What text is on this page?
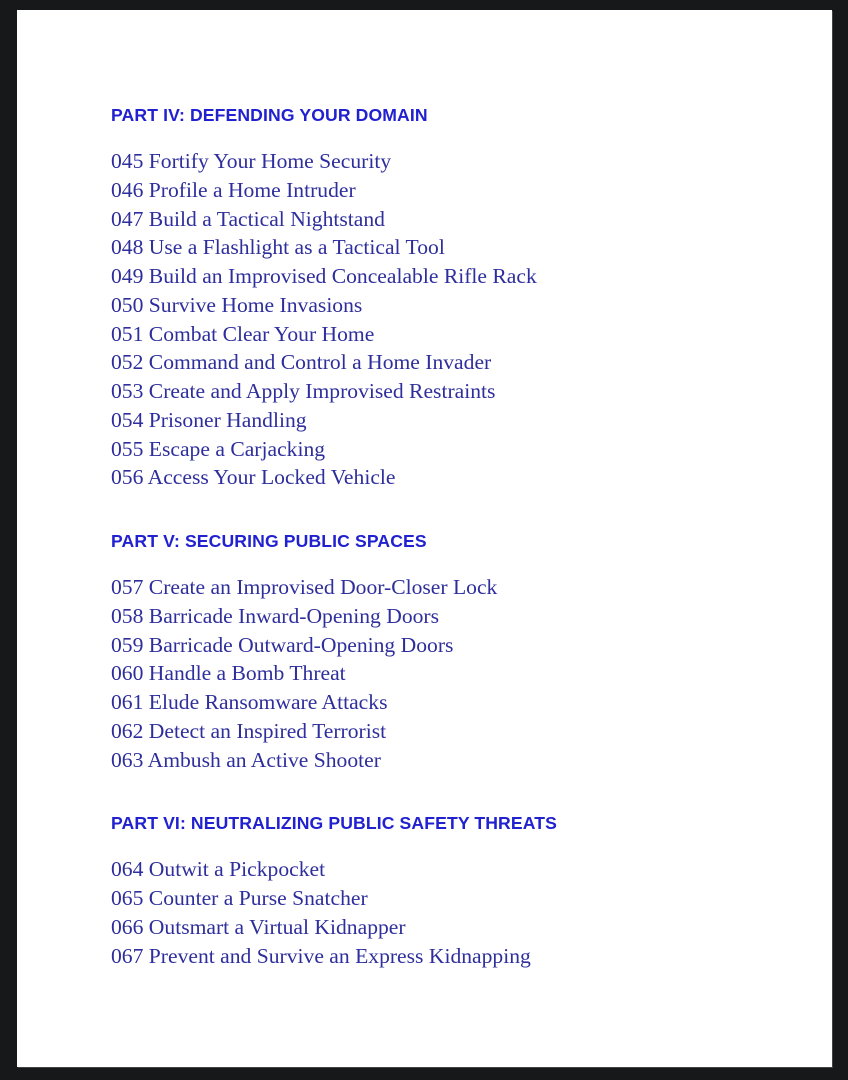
PART IV: DEFENDING YOUR DOMAIN
045 Fortify Your Home Security
046 Profile a Home Intruder
047 Build a Tactical Nightstand
048 Use a Flashlight as a Tactical Tool
049 Build an Improvised Concealable Rifle Rack
050 Survive Home Invasions
051 Combat Clear Your Home
052 Command and Control a Home Invader
053 Create and Apply Improvised Restraints
054 Prisoner Handling
055 Escape a Carjacking
056 Access Your Locked Vehicle
PART V: SECURING PUBLIC SPACES
057 Create an Improvised Door-Closer Lock
058 Barricade Inward-Opening Doors
059 Barricade Outward-Opening Doors
060 Handle a Bomb Threat
061 Elude Ransomware Attacks
062 Detect an Inspired Terrorist
063 Ambush an Active Shooter
PART VI: NEUTRALIZING PUBLIC SAFETY THREATS
064 Outwit a Pickpocket
065 Counter a Purse Snatcher
066 Outsmart a Virtual Kidnapper
067 Prevent and Survive an Express Kidnapping
